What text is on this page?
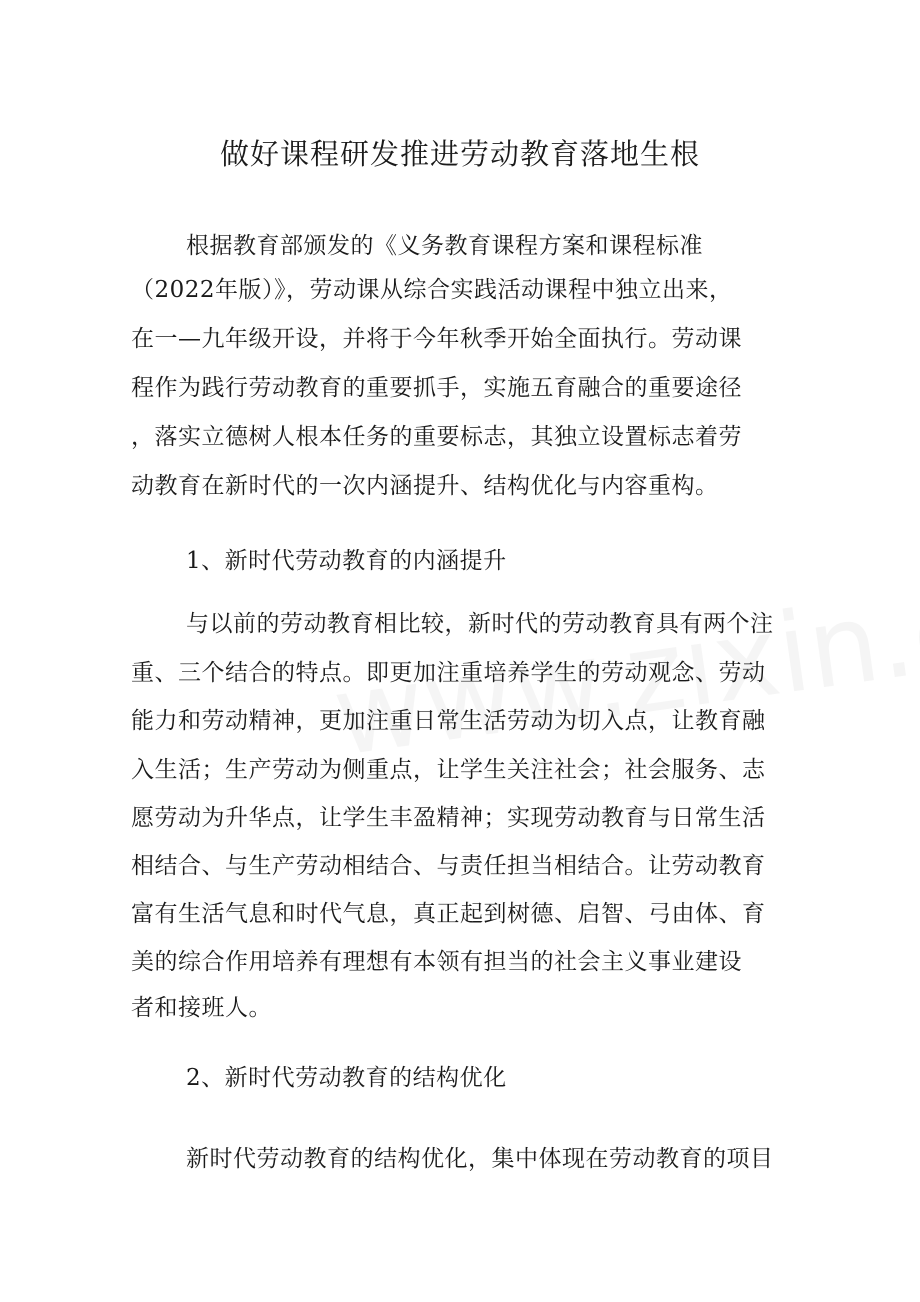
做好课程研发推进劳动教育落地生根
根据教育部颁发的《义务教育课程方案和课程标准
（2022年版）》，劳动课从综合实践活动课程中独立出来，
在一—九年级开设，并将于今年秋季开始全面执行。劳动课
程作为践行劳动教育的重要抓手，实施五育融合的重要途径
，落实立德树人根本任务的重要标志，其独立设置标志着劳
动教育在新时代的一次内涵提升、结构优化与内容重构。
1、新时代劳动教育的内涵提升
与以前的劳动教育相比较，新时代的劳动教育具有两个注
重、三个结合的特点。即更加注重培养学生的劳动观念、劳动
能力和劳动精神，更加注重日常生活劳动为切入点，让教育融
入生活；生产劳动为侧重点，让学生关注社会；社会服务、志
愿劳动为升华点，让学生丰盈精神；实现劳动教育与日常生活
相结合、与生产劳动相结合、与责任担当相结合。让劳动教育
富有生活气息和时代气息，真正起到树德、启智、弓由体、育
美的综合作用培养有理想有本领有担当的社会主义事业建设
者和接班人。
2、新时代劳动教育的结构优化
新时代劳动教育的结构优化，集中体现在劳动教育的项目
